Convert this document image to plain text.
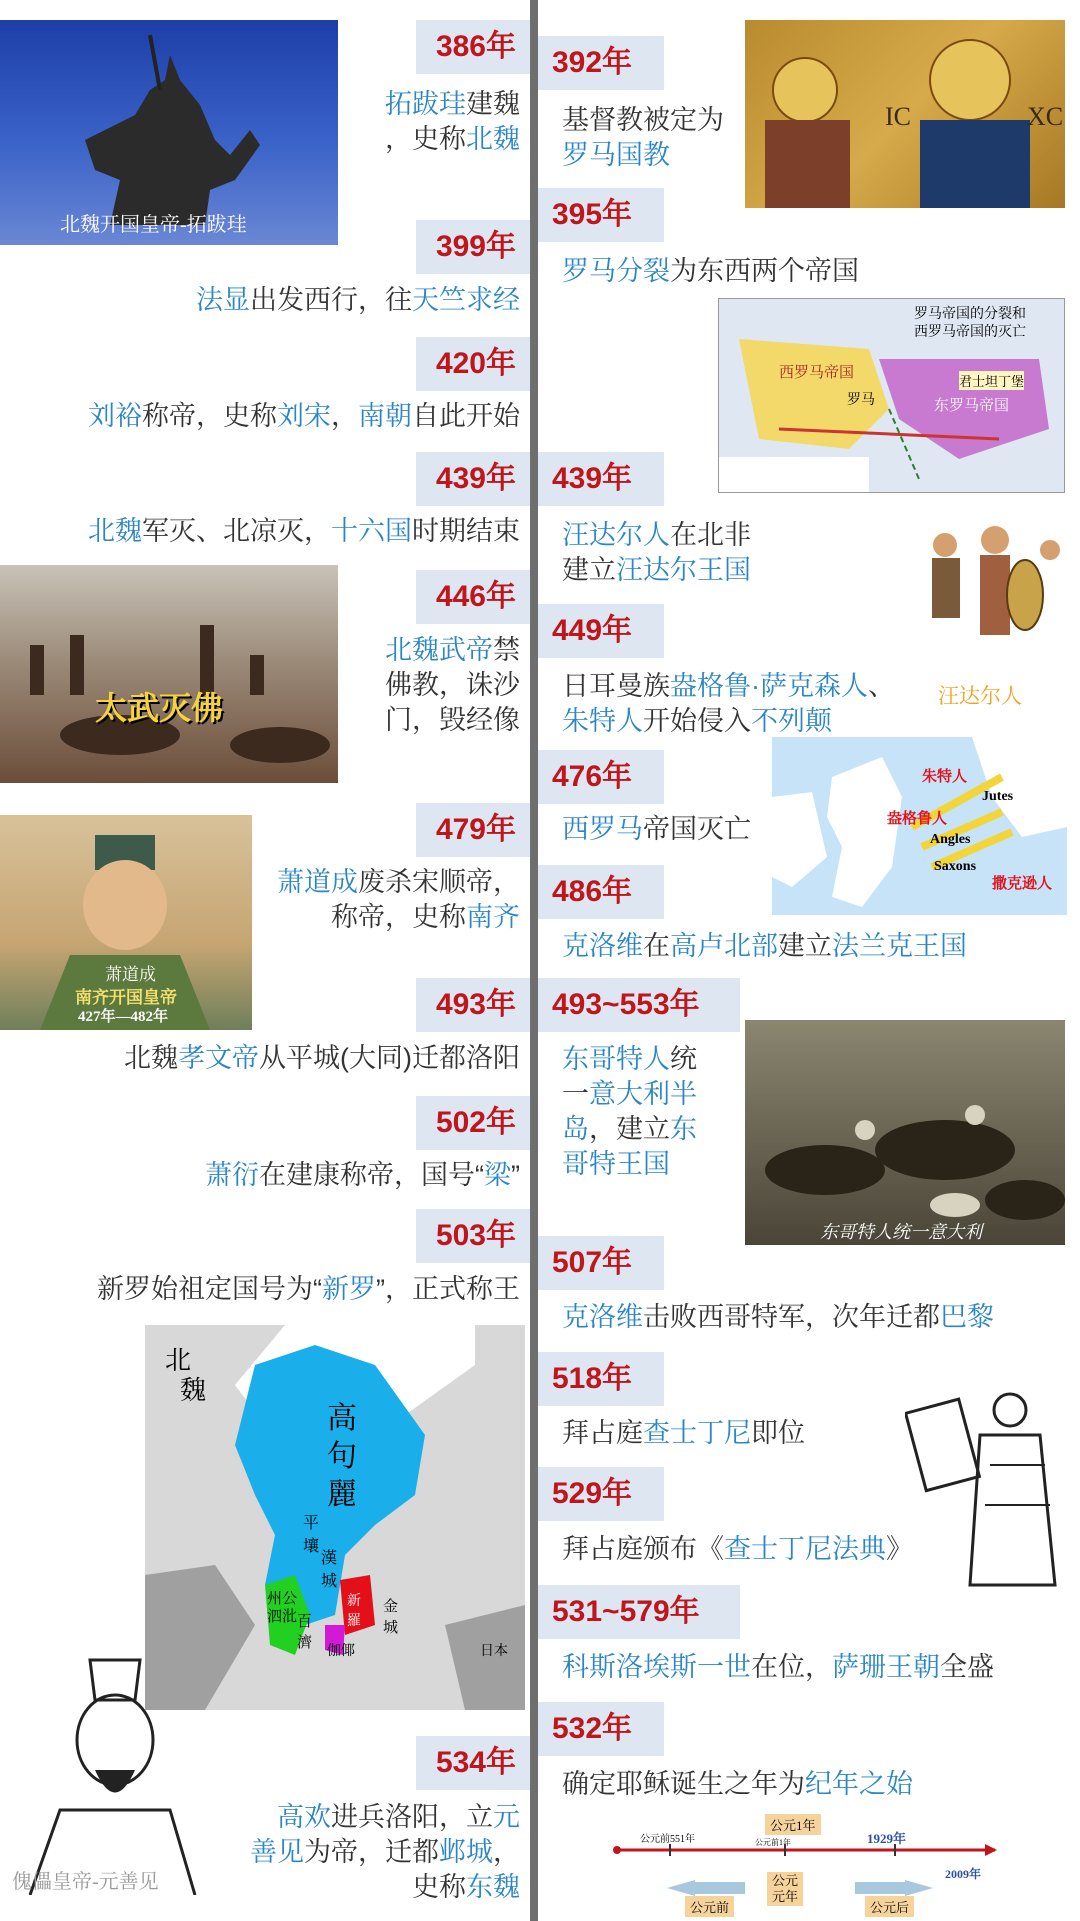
北魏开国皇帝-拓跋珪
太武灭佛
萧道成
南齐开国皇帝
427年—482年
北
魏
高句麗
平壤
漢城
州公
泗沘 百濟
新羅
金城
伽倻	日本
傀儡皇帝-元善见
IC	XC
罗马帝国的分裂和
西罗马帝国的灭亡
西罗马帝国
东罗马帝国
君士坦丁堡
罗马
汪达尔人
朱特人
Jutes
盎格鲁人
Angles
Saxons
撒克逊人
东哥特人统一意大利
公元1年
公元前551年	公元前1年	1929年
2009年
公元前
公元
元年
公元后
386年
拓跋珪建魏
，史称北魏
399年
法显出发西行，往天竺求经
420年
刘裕称帝，史称刘宋，南朝自此开始
439年
北魏军灭、北凉灭，十六国时期结束
446年
北魏武帝禁
佛教，诛沙
门，毁经像
479年
萧道成废杀宋顺帝，
称帝，史称南齐
493年
北魏孝文帝从平城(大同)迁都洛阳
502年
萧衍在建康称帝，国号“梁”
503年
新罗始祖定国号为“新罗”，正式称王
534年
高欢进兵洛阳，立元
善见为帝，迁都邺城，
史称东魏
392年
基督教被定为
罗马国教
395年
罗马分裂为东西两个帝国
439年
汪达尔人在北非
建立汪达尔王国
449年
日耳曼族盎格鲁·萨克森人、
朱特人开始侵入不列颠
476年
西罗马帝国灭亡
486年
克洛维在高卢北部建立法兰克王国
493~553年
东哥特人统
一意大利半
岛，建立东
哥特王国
507年
克洛维击败西哥特军，次年迁都巴黎
518年
拜占庭查士丁尼即位
529年
拜占庭颁布《查士丁尼法典》
531~579年
科斯洛埃斯一世在位，萨珊王朝全盛
532年
确定耶稣诞生之年为纪年之始
